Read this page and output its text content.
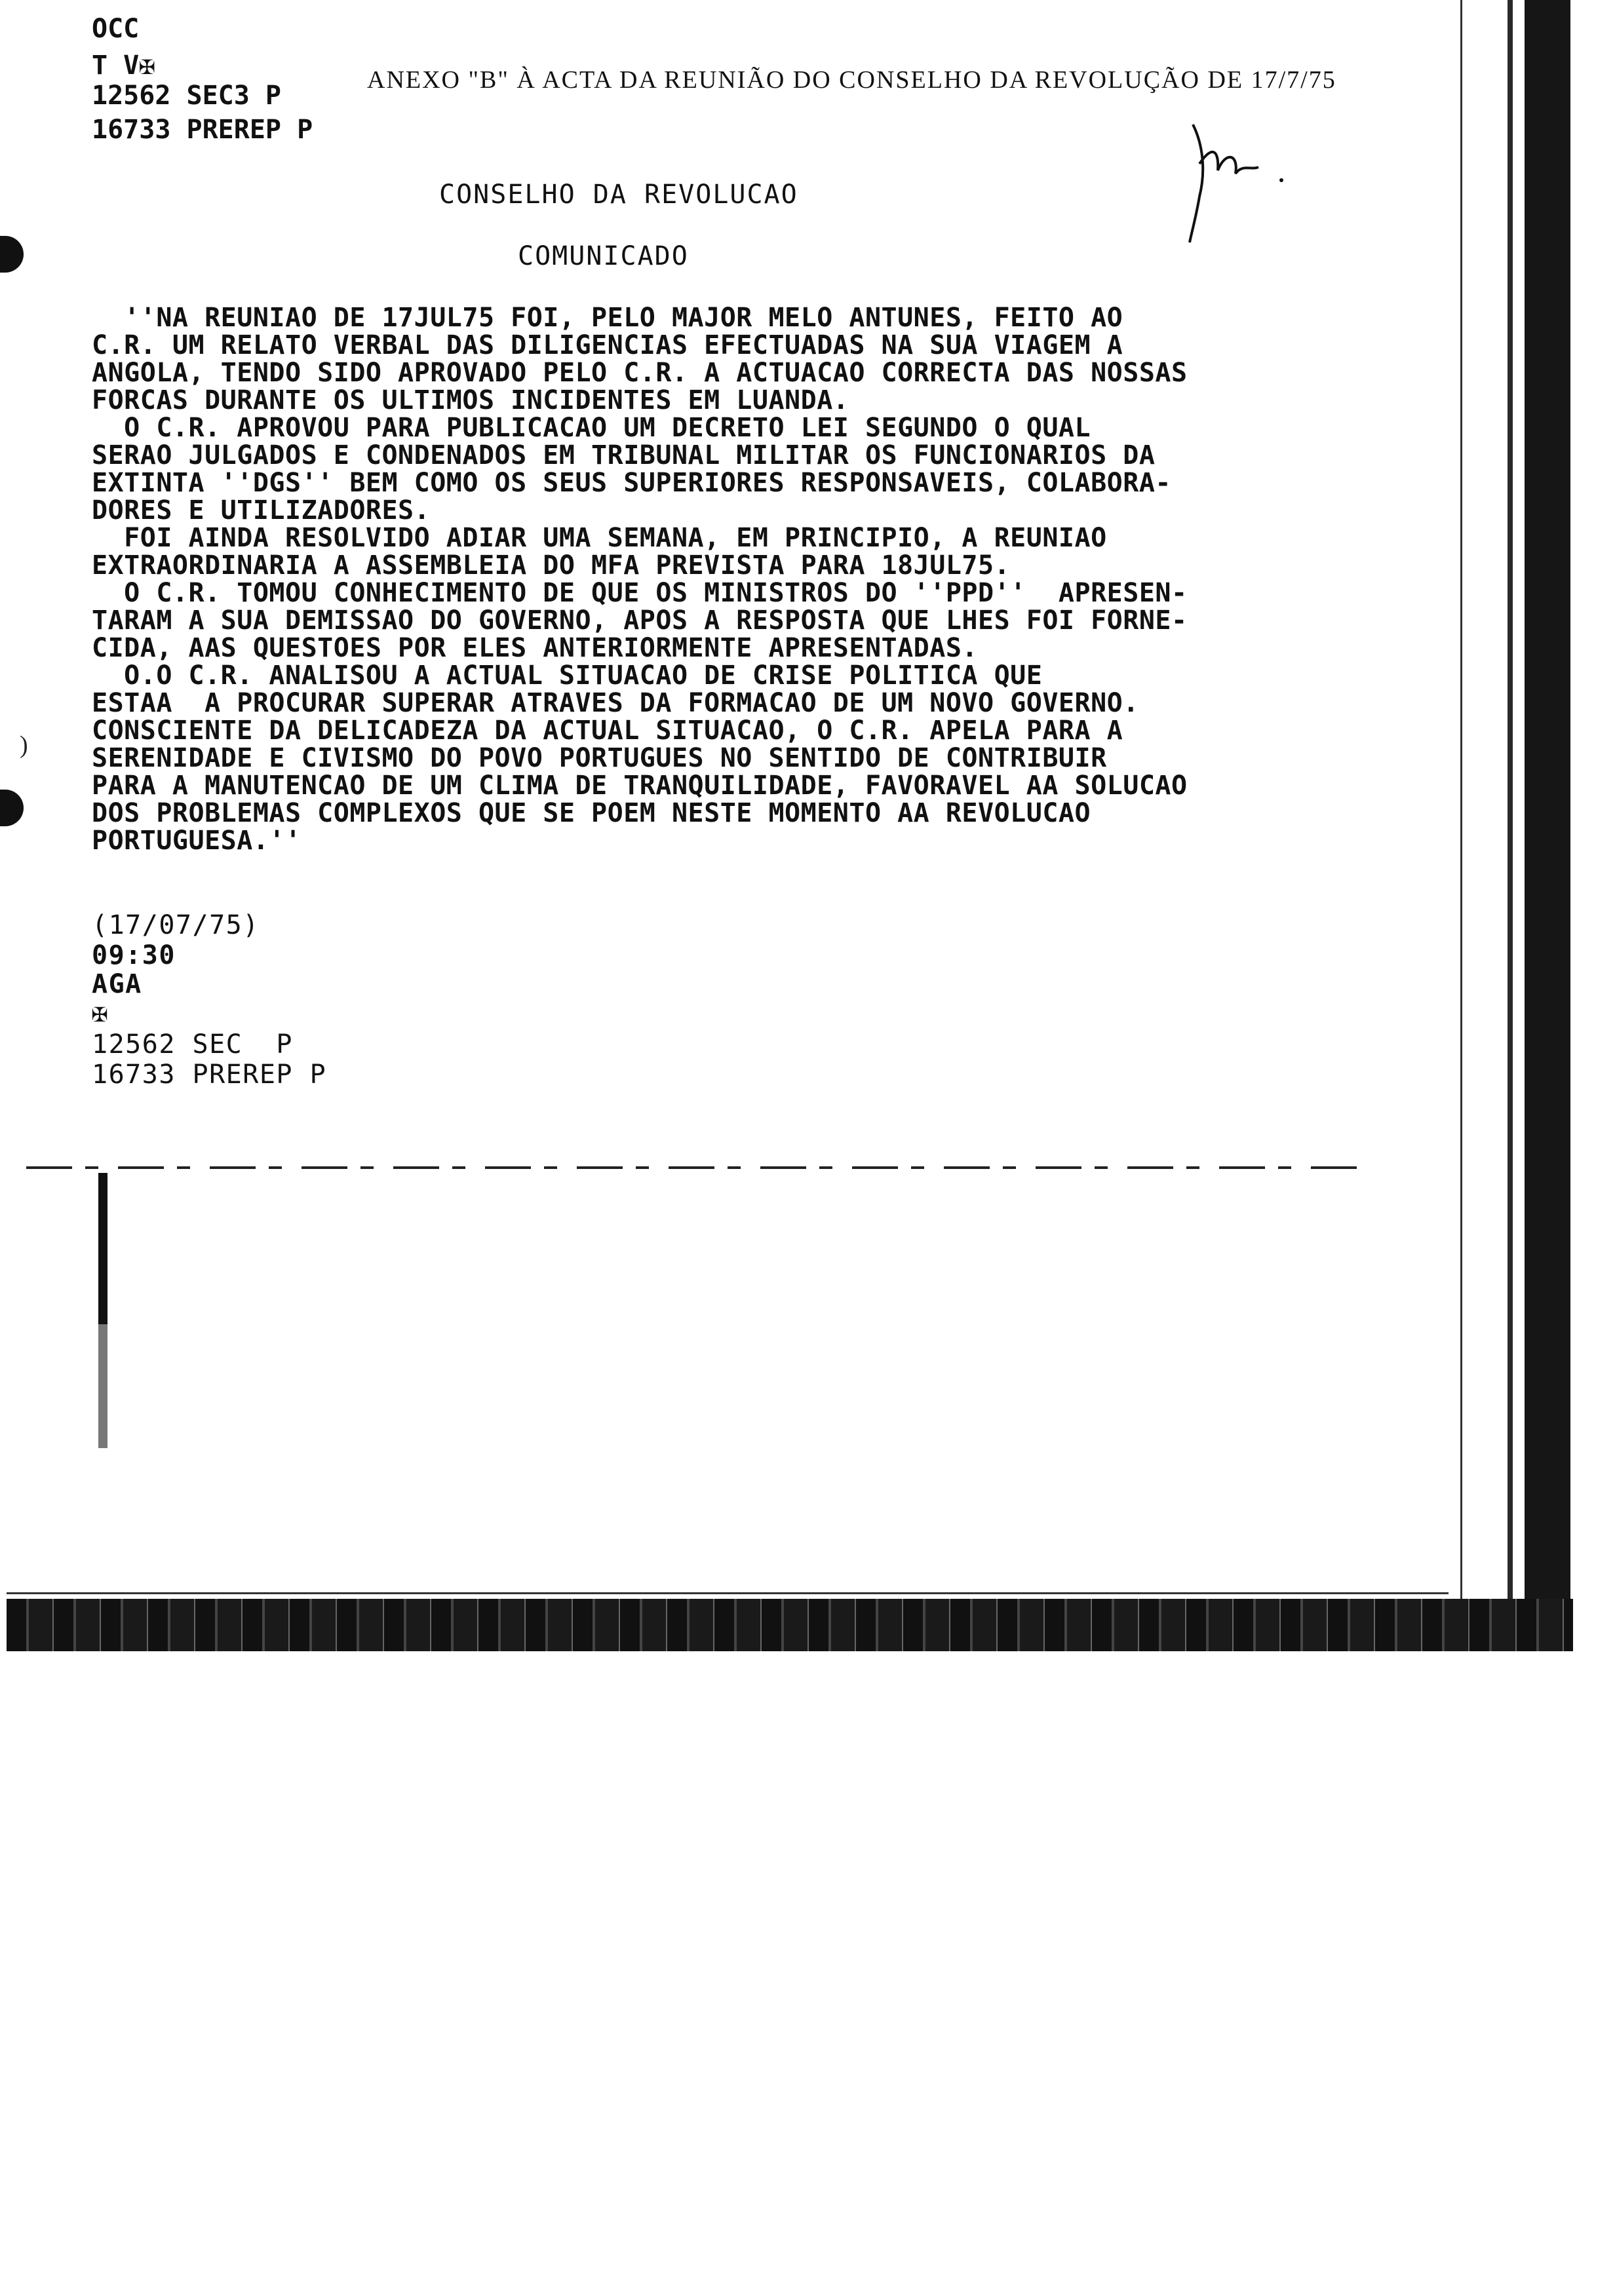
)
OCC
T V✠	ANEXO "B" À ACTA DA REUNIÃO DO CONSELHO DA REVOLUÇÃO DE 17/7/75
12562 SEC3 P
16733 PREREP P
CONSELHO DA REVOLUCAO
COMUNICADO
''NA REUNIAO DE 17JUL75 FOI, PELO MAJOR MELO ANTUNES, FEITO AO
C.R. UM RELATO VERBAL DAS DILIGENCIAS EFECTUADAS NA SUA VIAGEM A
ANGOLA, TENDO SIDO APROVADO PELO C.R. A ACTUACAO CORRECTA DAS NOSSAS
FORCAS DURANTE OS ULTIMOS INCIDENTES EM LUANDA.
O C.R. APROVOU PARA PUBLICACAO UM DECRETO LEI SEGUNDO O QUAL
SERAO JULGADOS E CONDENADOS EM TRIBUNAL MILITAR OS FUNCIONARIOS DA
EXTINTA ''DGS'' BEM COMO OS SEUS SUPERIORES RESPONSAVEIS, COLABORA-
DORES E UTILIZADORES.
FOI AINDA RESOLVIDO ADIAR UMA SEMANA, EM PRINCIPIO, A REUNIAO
EXTRAORDINARIA A ASSEMBLEIA DO MFA PREVISTA PARA 18JUL75.
O C.R. TOMOU CONHECIMENTO DE QUE OS MINISTROS DO ''PPD''  APRESEN-
TARAM A SUA DEMISSAO DO GOVERNO, APOS A RESPOSTA QUE LHES FOI FORNE-
CIDA, AAS QUESTOES POR ELES ANTERIORMENTE APRESENTADAS.
O.O C.R. ANALISOU A ACTUAL SITUACAO DE CRISE POLITICA QUE
ESTAA  A PROCURAR SUPERAR ATRAVES DA FORMACAO DE UM NOVO GOVERNO.
CONSCIENTE DA DELICADEZA DA ACTUAL SITUACAO, O C.R. APELA PARA A
SERENIDADE E CIVISMO DO POVO PORTUGUES NO SENTIDO DE CONTRIBUIR
PARA A MANUTENCAO DE UM CLIMA DE TRANQUILIDADE, FAVORAVEL AA SOLUCAO
DOS PROBLEMAS COMPLEXOS QUE SE POEM NESTE MOMENTO AA REVOLUCAO
PORTUGUESA.''
(17/07/75)
09:30
AGA
✠
12562 SEC  P
16733 PREREP P
